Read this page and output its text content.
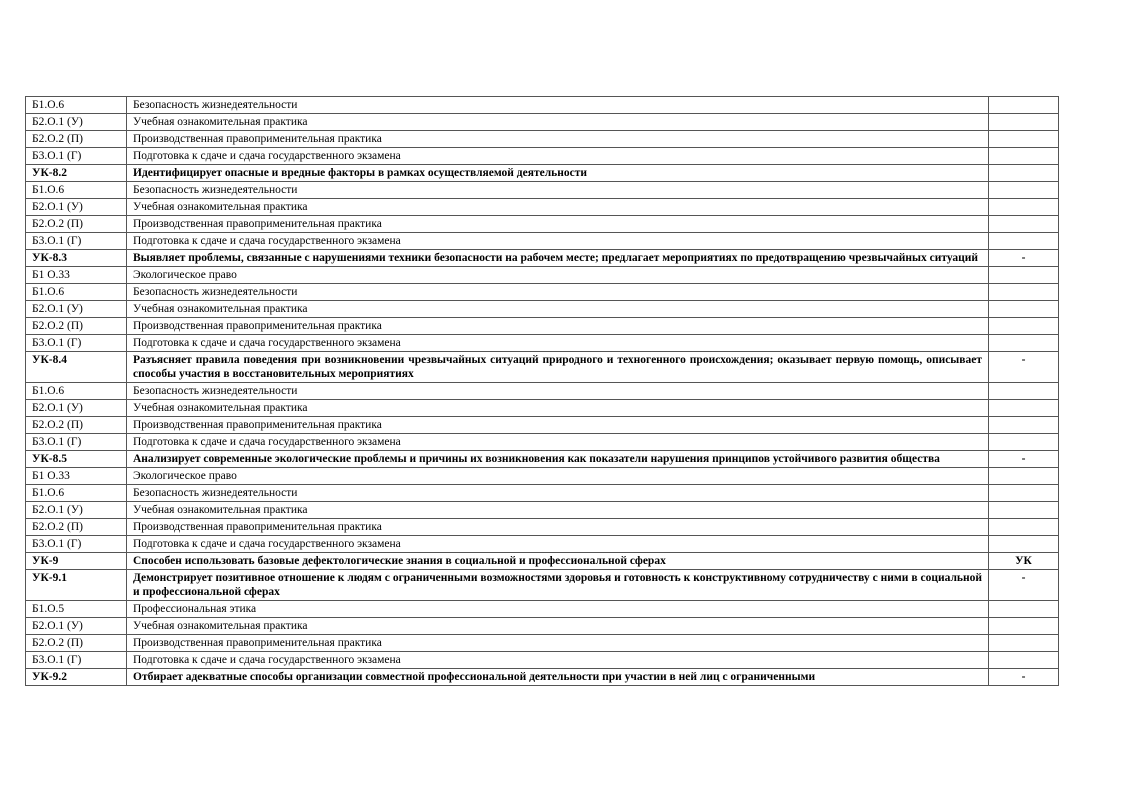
Б1.О.6	Безопасность жизнедеятельности	
Б2.О.1 (У)	Учебная ознакомительная практика	
Б2.О.2 (П)	Производственная правоприменительная практика	
Б3.О.1 (Г)	Подготовка к сдаче и сдача государственного экзамена	
УК-8.2	Идентифицирует опасные и вредные факторы в рамках осуществляемой деятельности	
Б1.О.6	Безопасность жизнедеятельности	
Б2.О.1 (У)	Учебная ознакомительная практика	
Б2.О.2 (П)	Производственная правоприменительная практика	
Б3.О.1 (Г)	Подготовка к сдаче и сдача государственного экзамена	
УК-8.3	Выявляет проблемы, связанные с нарушениями техники безопасности на рабочем месте; предлагает мероприятиях по предотвращению чрезвычайных ситуаций	-
Б1 О.33	Экологическое право	
Б1.О.6	Безопасность жизнедеятельности	
Б2.О.1 (У)	Учебная ознакомительная практика	
Б2.О.2 (П)	Производственная правоприменительная практика	
Б3.О.1 (Г)	Подготовка к сдаче и сдача государственного экзамена	
УК-8.4	Разъясняет правила поведения при возникновении чрезвычайных ситуаций природного и техногенного происхождения; оказывает первую помощь, описывает способы участия в восстановительных мероприятиях	-
Б1.О.6	Безопасность жизнедеятельности	
Б2.О.1 (У)	Учебная ознакомительная практика	
Б2.О.2 (П)	Производственная правоприменительная практика	
Б3.О.1 (Г)	Подготовка к сдаче и сдача государственного экзамена	
УК-8.5	Анализирует современные экологические проблемы и причины их возникновения как показатели нарушения принципов устойчивого развития общества	-
Б1 О.33	Экологическое право	
Б1.О.6	Безопасность жизнедеятельности	
Б2.О.1 (У)	Учебная ознакомительная практика	
Б2.О.2 (П)	Производственная правоприменительная практика	
Б3.О.1 (Г)	Подготовка к сдаче и сдача государственного экзамена	
УК-9	Способен использовать базовые дефектологические знания в социальной и профессиональной сферах	УК
УК-9.1	Демонстрирует позитивное отношение к людям с ограниченными возможностями здоровья и готовность к конструктивному сотрудничеству с ними в социальной и профессиональной сферах	-
Б1.О.5	Профессиональная этика	
Б2.О.1 (У)	Учебная ознакомительная практика	
Б2.О.2 (П)	Производственная правоприменительная практика	
Б3.О.1 (Г)	Подготовка к сдаче и сдача государственного экзамена	
УК-9.2	Отбирает адекватные способы организации совместной профессиональной деятельности при участии в ней лиц с ограниченными	-
